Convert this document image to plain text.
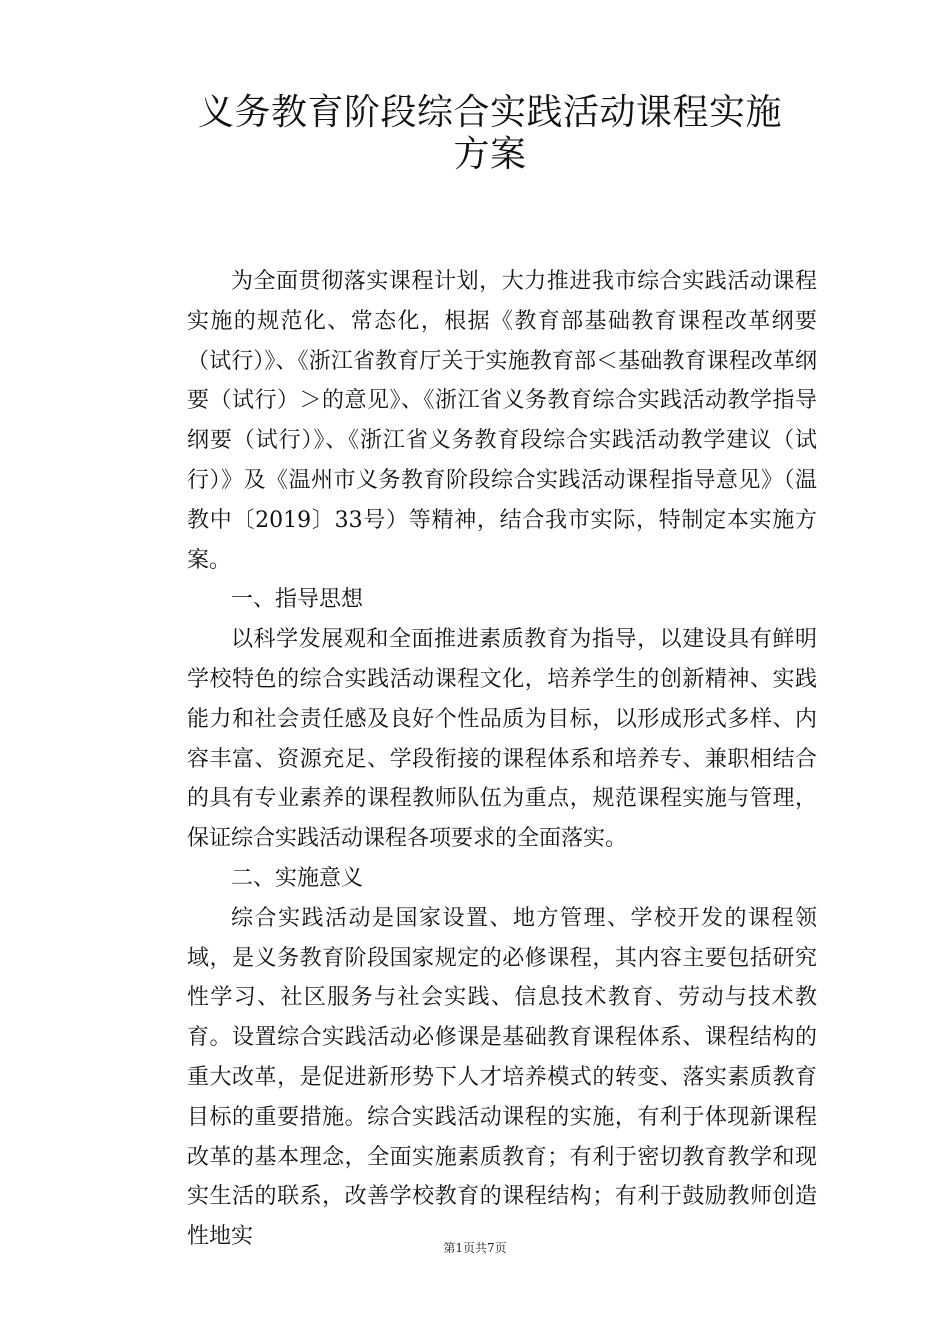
义务教育阶段综合实践活动课程实施方案

为全面贯彻落实课程计划，大力推进我市综合实践活动课程实施的规范化、常态化，根据《教育部基础教育课程改革纲要（试行）》、《浙江省教育厅关于实施教育部＜基础教育课程改革纲要（试行）＞的意见》、《浙江省义务教育综合实践活动教学指导纲要（试行）》、《浙江省义务教育段综合实践活动教学建议（试行）》及《温州市义务教育阶段综合实践活动课程指导意见》（温教中〔2019〕33号）等精神，结合我市实际，特制定本实施方案。

一、指导思想

以科学发展观和全面推进素质教育为指导，以建设具有鲜明学校特色的综合实践活动课程文化，培养学生的创新精神、实践能力和社会责任感及良好个性品质为目标，以形成形式多样、内容丰富、资源充足、学段衔接的课程体系和培养专、兼职相结合的具有专业素养的课程教师队伍为重点，规范课程实施与管理，保证综合实践活动课程各项要求的全面落实。

二、实施意义

综合实践活动是国家设置、地方管理、学校开发的课程领域，是义务教育阶段国家规定的必修课程，其内容主要包括研究性学习、社区服务与社会实践、信息技术教育、劳动与技术教育。设置综合实践活动必修课是基础教育课程体系、课程结构的重大改革，是促进新形势下人才培养模式的转变、落实素质教育目标的重要措施。综合实践活动课程的实施，有利于体现新课程改革的基本理念，全面实施素质教育；有利于密切教育教学和现实生活的联系，改善学校教育的课程结构；有利于鼓励教师创造性地实	第1页共7页
